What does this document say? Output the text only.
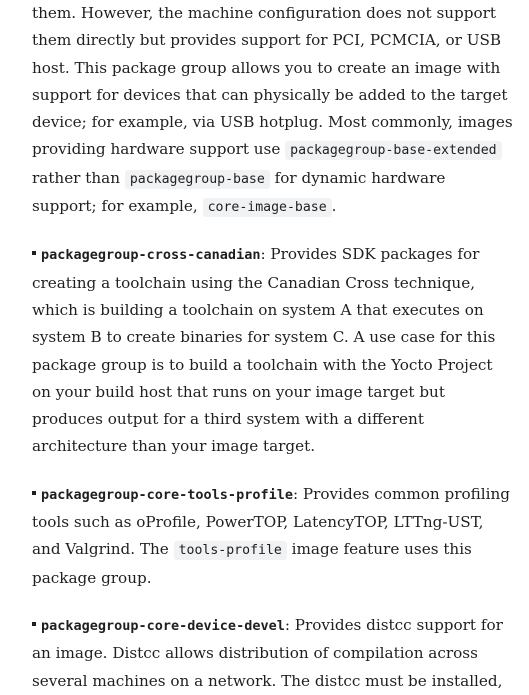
them. However, the machine configuration does not support them directly but provides support for PCI, PCMCIA, or USB host. This package group allows you to create an image with support for devices that can physically be added to the target device; for example, via USB hotplug. Most commonly, images providing hardware support use packagegroup-base-extended rather than packagegroup-base for dynamic hardware support; for example, core-image-base .

packagegroup-cross-canadian: Provides SDK packages for creating a toolchain using the Canadian Cross technique, which is building a toolchain on system A that executes on system B to create binaries for system C. A use case for this package group is to build a toolchain with the Yocto Project on your build host that runs on your image target but produces output for a third system with a different architecture than your image target.

packagegroup-core-tools-profile: Provides common profiling tools such as oProfile, PowerTOP, LatencyTOP, LTTng-UST, and Valgrind. The tools-profile image feature uses this package group.

packagegroup-core-device-devel: Provides distcc support for an image. Distcc allows distribution of compilation across several machines on a network. The distcc must be installed,
